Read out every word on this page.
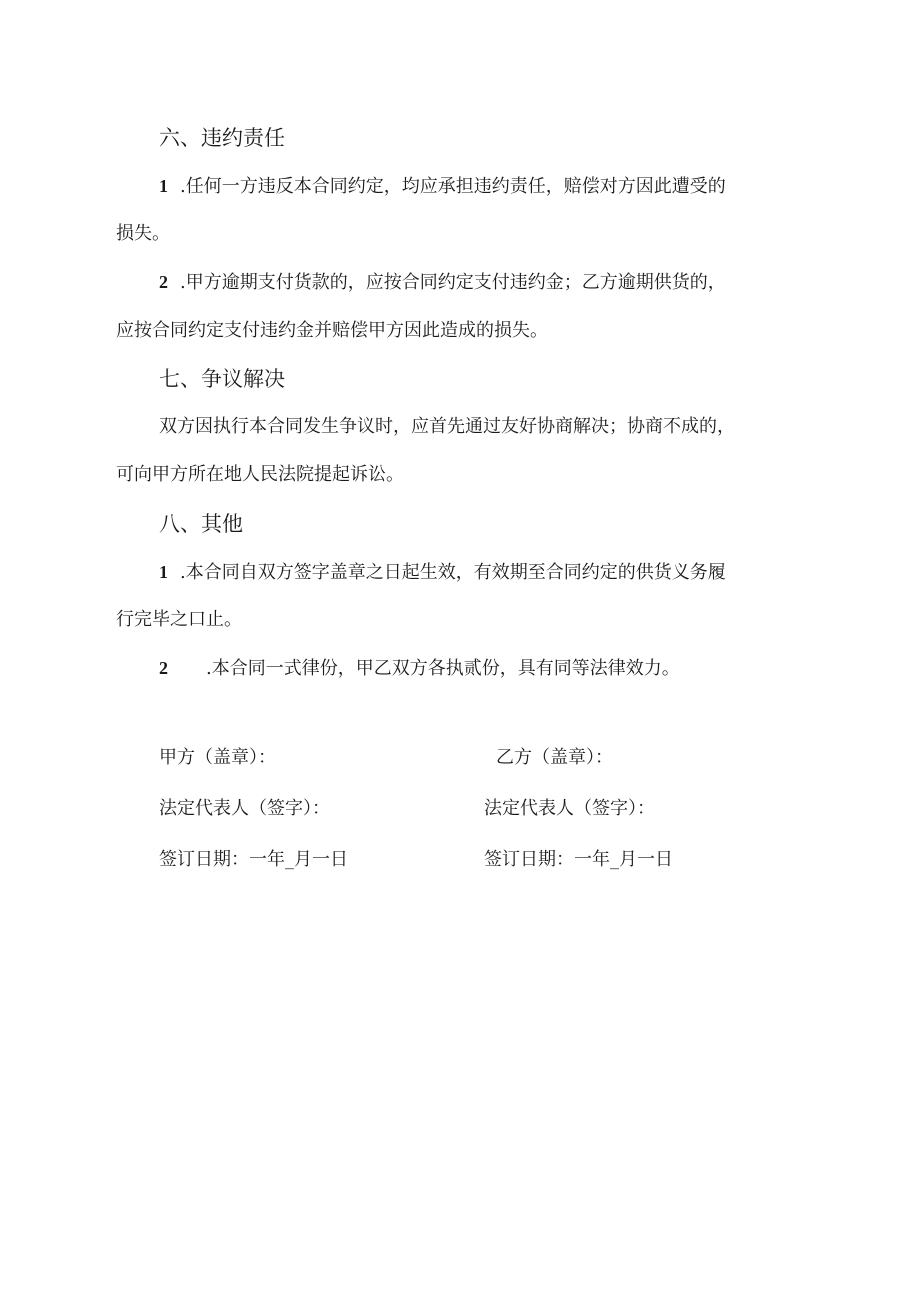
六、违约责任
1 .任何一方违反本合同约定，均应承担违约责任，赔偿对方因此遭受的
损失。
2 .甲方逾期支付货款的，应按合同约定支付违约金；乙方逾期供货的，
应按合同约定支付违约金并赔偿甲方因此造成的损失。
七、争议解决
双方因执行本合同发生争议时，应首先通过友好协商解决；协商不成的，
可向甲方所在地人民法院提起诉讼。
八、其他
1 .本合同自双方签字盖章之日起生效，有效期至合同约定的供货义务履
行完毕之口止。
2 .本合同一式律份，甲乙双方各执贰份，具有同等法律效力。
甲方（盖章）：	乙方（盖章）：
法定代表人（签字）：	法定代表人（签字）：
签订日期：一年_月一日	签订日期：一年_月一日
